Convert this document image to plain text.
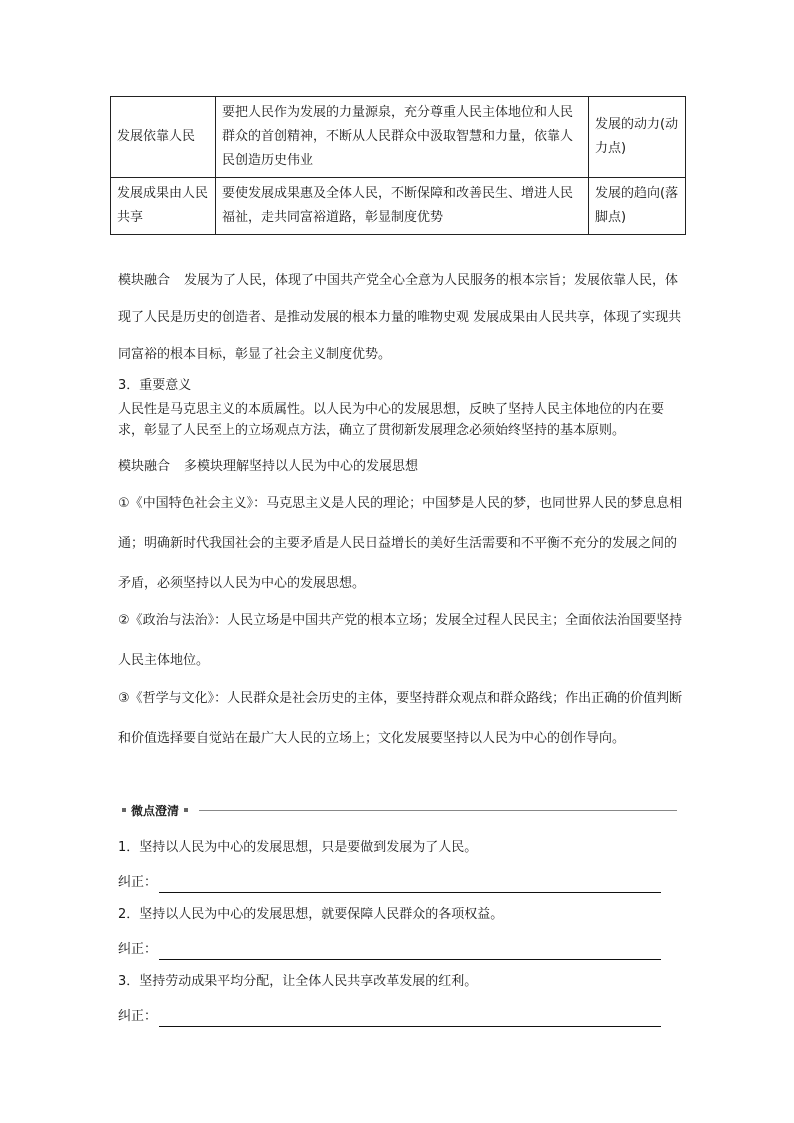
发展依靠人民	要把人民作为发展的力量源泉，充分尊重人民主体地位和人民群众的首创精神，不断从人民群众中汲取智慧和力量，依靠人民创造历史伟业	发展的动力(动力点)
发展成果由人民共享	要使发展成果惠及全体人民，不断保障和改善民生、增进人民福祉，走共同富裕道路，彰显制度优势	发展的趋向(落脚点)
模块融合 发展为了人民，体现了中国共产党全心全意为人民服务的根本宗旨；发展依靠人民，体现了人民是历史的创造者、是推动发展的根本力量的唯物史观 发展成果由人民共享，体现了实现共同富裕的根本目标，彰显了社会主义制度优势。
3．重要意义
人民性是马克思主义的本质属性。以人民为中心的发展思想，反映了坚持人民主体地位的内在要求，彰显了人民至上的立场观点方法，确立了贯彻新发展理念必须始终坚持的基本原则。
模块融合 多模块理解坚持以人民为中心的发展思想
①《中国特色社会主义》：马克思主义是人民的理论；中国梦是人民的梦，也同世界人民的梦息息相通；明确新时代我国社会的主要矛盾是人民日益增长的美好生活需要和不平衡不充分的发展之间的矛盾，必须坚持以人民为中心的发展思想。
②《政治与法治》：人民立场是中国共产党的根本立场；发展全过程人民民主；全面依法治国要坚持人民主体地位。
③《哲学与文化》：人民群众是社会历史的主体，要坚持群众观点和群众路线；作出正确的价值判断和价值选择要自觉站在最广大人民的立场上；文化发展要坚持以人民为中心的创作导向。
微点澄清
1．坚持以人民为中心的发展思想，只是要做到发展为了人民。
纠正：
2．坚持以人民为中心的发展思想，就要保障人民群众的各项权益。
纠正：
3．坚持劳动成果平均分配，让全体人民共享改革发展的红利。
纠正：
